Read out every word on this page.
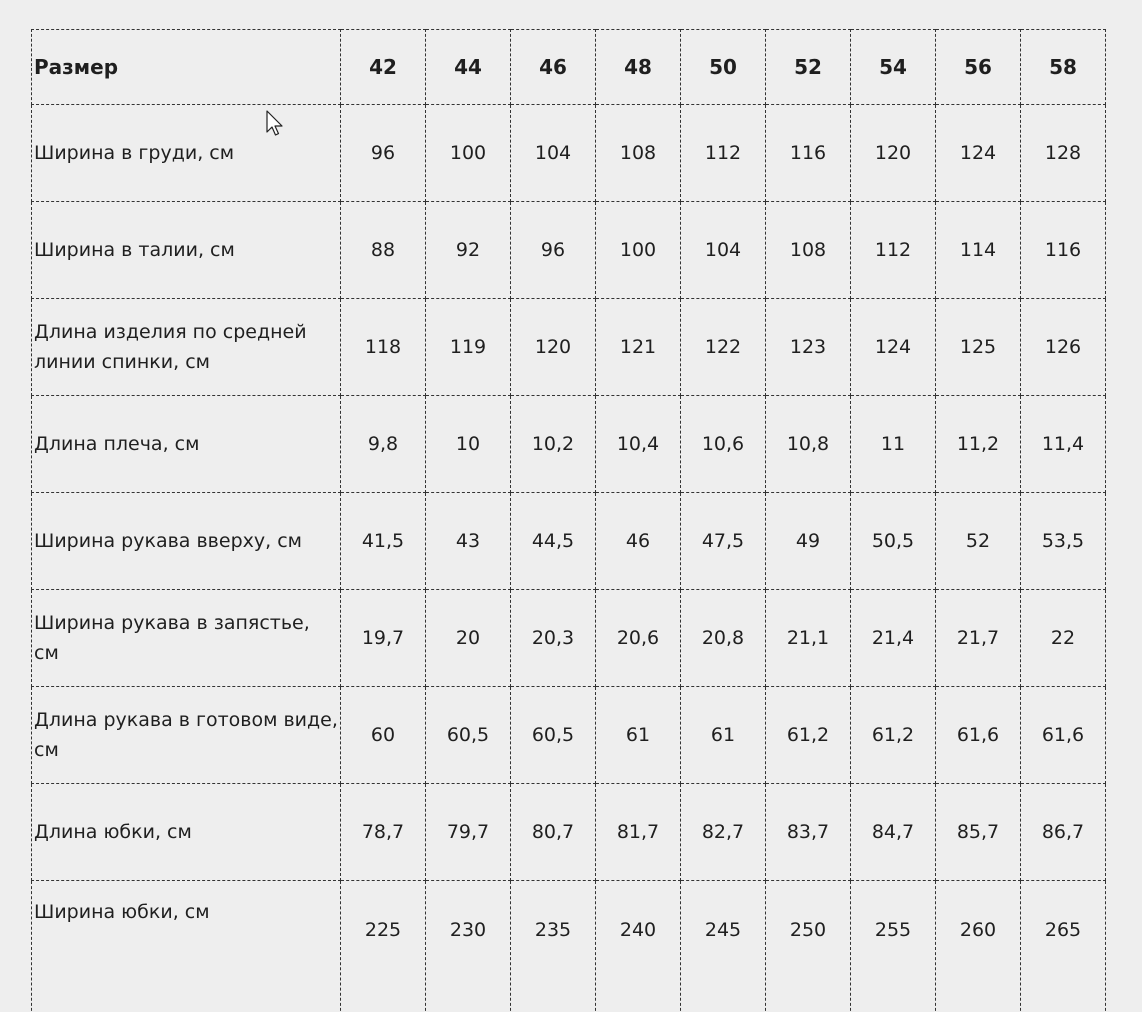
Размер	42	44	46	48	50	52	54	56	58
Ширина в груди, см	96	100	104	108	112	116	120	124	128
Ширина в талии, см	88	92	96	100	104	108	112	114	116
Длина изделия по средней линии спинки, см	118	119	120	121	122	123	124	125	126
Длина плеча, см	9,8	10	10,2	10,4	10,6	10,8	11	11,2	11,4
Ширина рукава вверху, см	41,5	43	44,5	46	47,5	49	50,5	52	53,5
Ширина рукава в запястье, см	19,7	20	20,3	20,6	20,8	21,1	21,4	21,7	22
Длина рукава в готовом виде, см	60	60,5	60,5	61	61	61,2	61,2	61,6	61,6
Длина юбки, см	78,7	79,7	80,7	81,7	82,7	83,7	84,7	85,7	86,7
Ширина юбки, см	225	230	235	240	245	250	255	260	265
